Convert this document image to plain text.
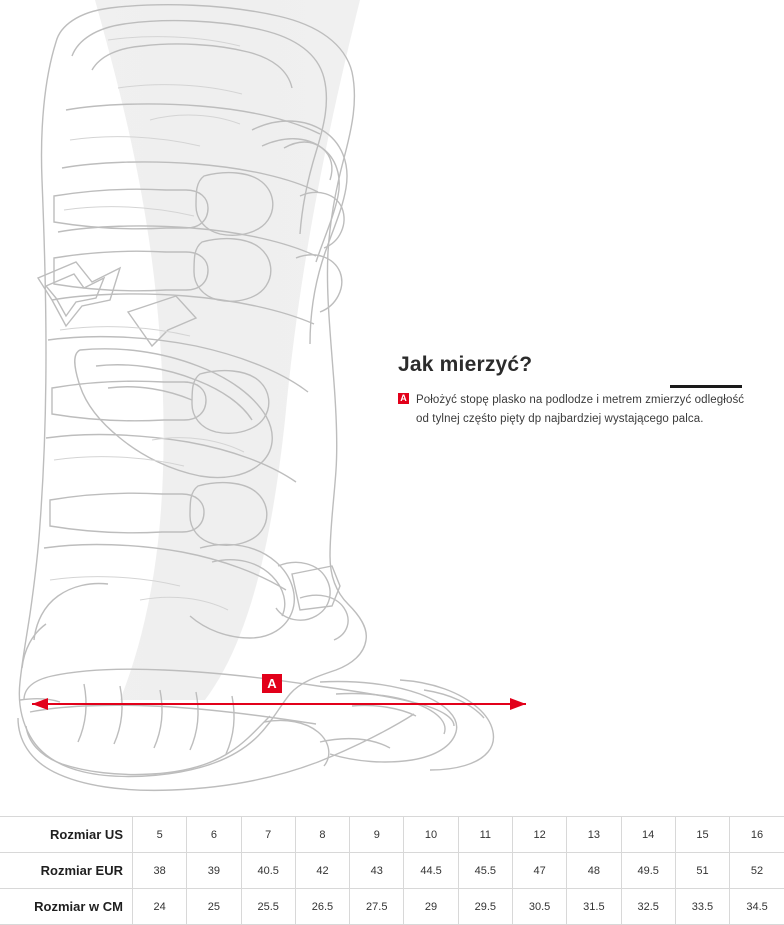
A
Jak mierzyć?
A Położyć stopę plasko na podlodze i metrem zmierzyć odległość od tylnej częśto pięty dp najbardziej wystającego palca.
Rozmiar US	5	6	7	8	9	10	11	12	13	14	15	16
Rozmiar EUR	38	39	40.5	42	43	44.5	45.5	47	48	49.5	51	52
Rozmiar w CM	24	25	25.5	26.5	27.5	29	29.5	30.5	31.5	32.5	33.5	34.5
